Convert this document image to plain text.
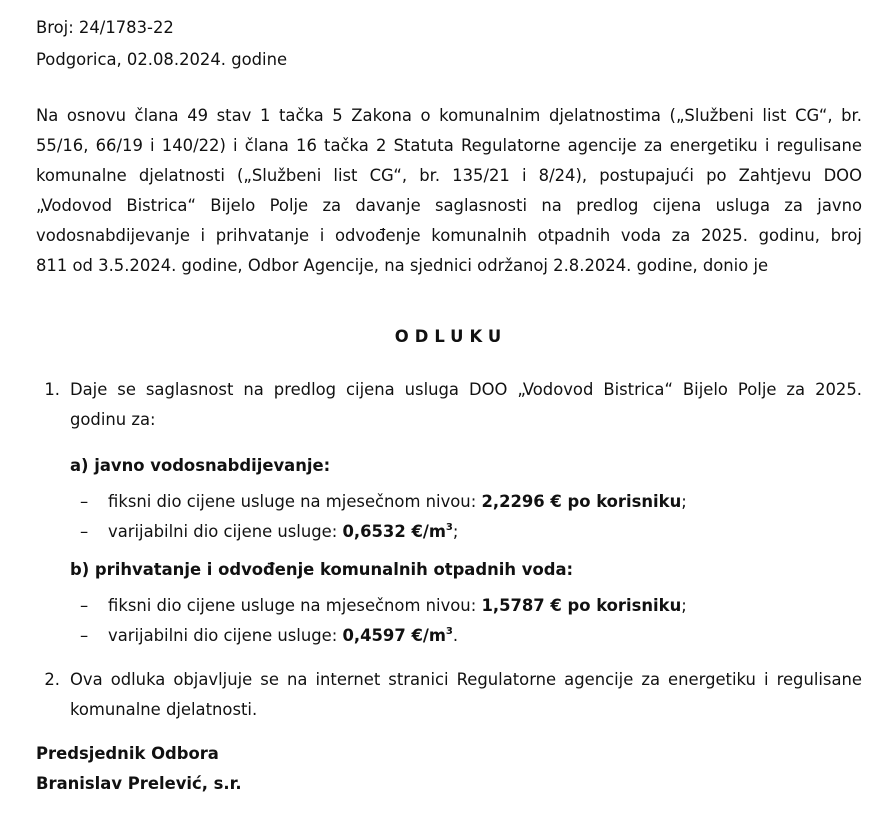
Broj: 24/1783-22
Podgorica, 02.08.2024. godine
Na osnovu člana 49 stav 1 tačka 5 Zakona o komunalnim djelatnostima („Službeni list CG“, br.
55/16, 66/19 i 140/22) i člana 16 tačka 2 Statuta Regulatorne agencije za energetiku i regulisane
komunalne djelatnosti („Službeni list CG“, br. 135/21 i 8/24), postupajući po Zahtjevu DOO
„Vodovod Bistrica“ Bijelo Polje za davanje saglasnosti na predlog cijena usluga za javno
vodosnabdijevanje i prihvatanje i odvođenje komunalnih otpadnih voda za 2025. godinu, broj
811 od 3.5.2024. godine, Odbor Agencije, na sjednici održanoj 2.8.2024. godine, donio je
ODLUKU
1. Daje se saglasnost na predlog cijena usluga DOO „Vodovod Bistrica“ Bijelo Polje za 2025.
godinu za:
a) javno vodosnabdijevanje:
– fiksni dio cijene usluge na mjesečnom nivou: 2,2296 € po korisniku;
– varijabilni dio cijene usluge: 0,6532 $€/m^3$;
b) prihvatanje i odvođenje komunalnih otpadnih voda:
– fiksni dio cijene usluge na mjesečnom nivou: 1,5787 € po korisniku;
– varijabilni dio cijene usluge: 0,4597 $€/m^3$.
2. Ova odluka objavljuje se na internet stranici Regulatorne agencije za energetiku i regulisane
komunalne djelatnosti.
Predsjednik Odbora
Branislav Prelević, s.r.
